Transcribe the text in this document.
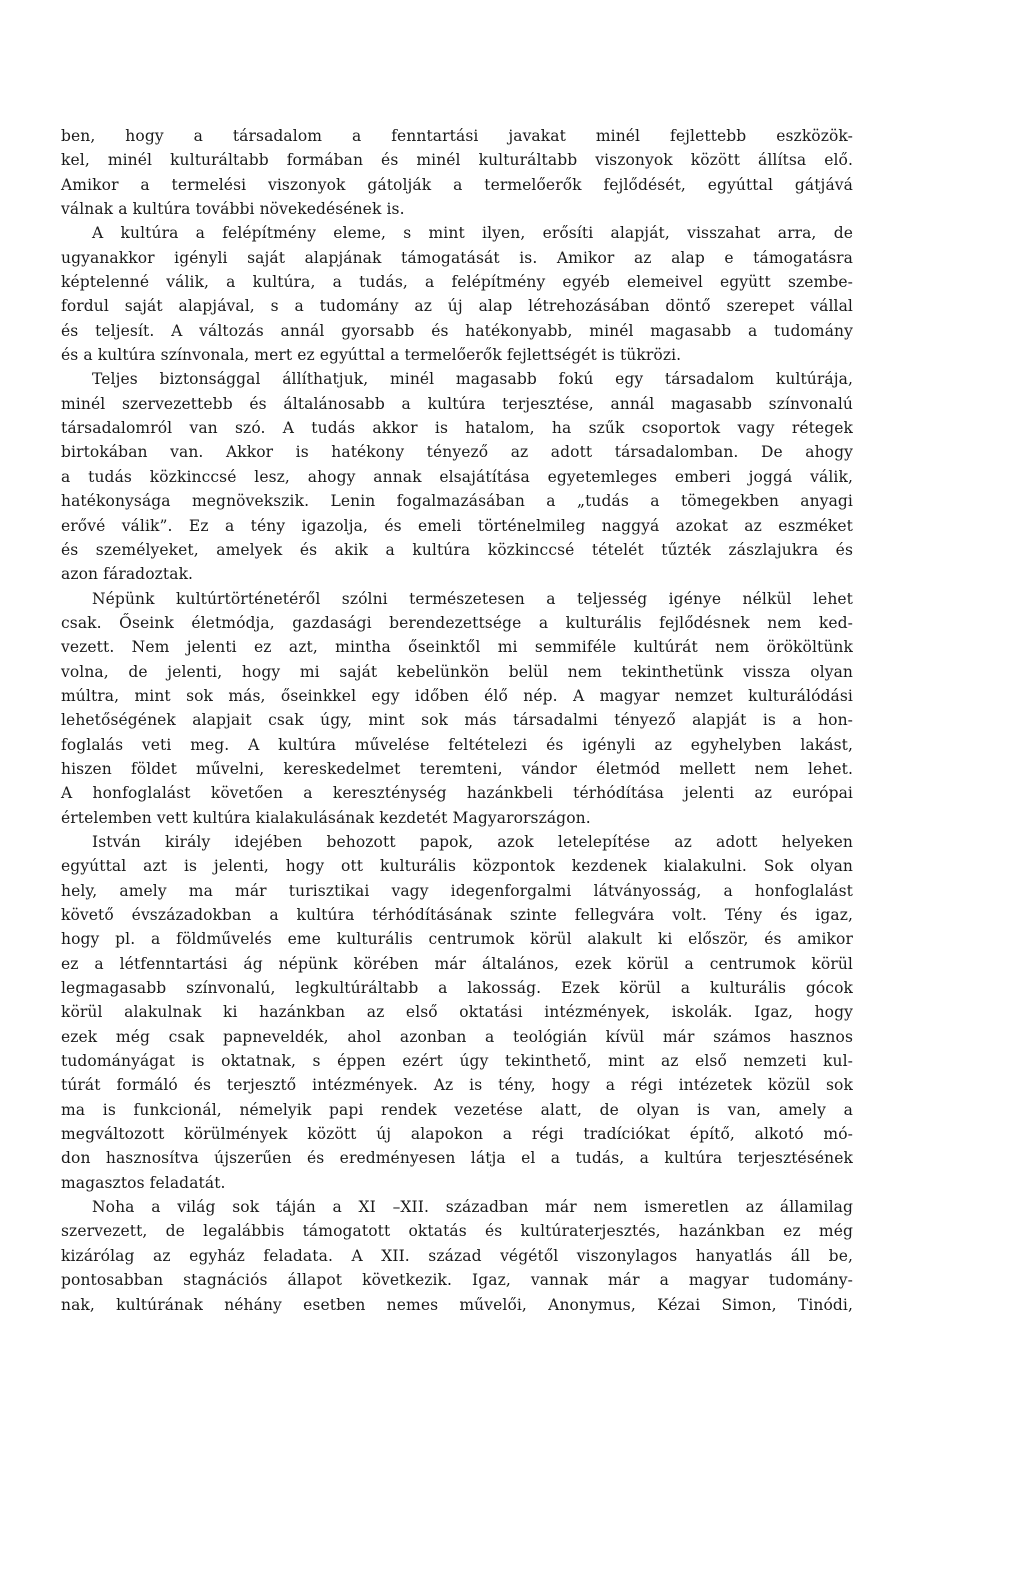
ben, hogy a társadalom a fenntartási javakat minél fejlettebb eszközök-
kel, minél kulturáltabb formában és minél kulturáltabb viszonyok között állítsa elő.
Amikor a termelési viszonyok gátolják a termelőerők fejlődését, egyúttal gátjává
válnak a kultúra további növekedésének is.
A kultúra a felépítmény eleme, s mint ilyen, erősíti alapját, visszahat arra, de
ugyanakkor igényli saját alapjának támogatását is. Amikor az alap e támogatásra
képtelenné válik, a kultúra, a tudás, a felépítmény egyéb elemeivel együtt szembe-
fordul saját alapjával, s a tudomány az új alap létrehozásában döntő szerepet vállal
és teljesít. A változás annál gyorsabb és hatékonyabb, minél magasabb a tudomány
és a kultúra színvonala, mert ez egyúttal a termelőerők fejlettségét is tükrözi.
Teljes biztonsággal állíthatjuk, minél magasabb fokú egy társadalom kultúrája,
minél szervezettebb és általánosabb a kultúra terjesztése, annál magasabb színvonalú
társadalomról van szó. A tudás akkor is hatalom, ha szűk csoportok vagy rétegek
birtokában van. Akkor is hatékony tényező az adott társadalomban. De ahogy
a tudás közkinccsé lesz, ahogy annak elsajátítása egyetemleges emberi joggá válik,
hatékonysága megnövekszik. Lenin fogalmazásában a „tudás a tömegekben anyagi
erővé válik”. Ez a tény igazolja, és emeli történelmileg naggyá azokat az eszméket
és személyeket, amelyek és akik a kultúra közkinccsé tételét tűzték zászlajukra és
azon fáradoztak.
Népünk kultúrtörténetéről szólni természetesen a teljesség igénye nélkül lehet
csak. Őseink életmódja, gazdasági berendezettsége a kulturális fejlődésnek nem ked-
vezett. Nem jelenti ez azt, mintha őseinktől mi semmiféle kultúrát nem örököltünk
volna, de jelenti, hogy mi saját kebelünkön belül nem tekinthetünk vissza olyan
múltra, mint sok más, őseinkkel egy időben élő nép. A magyar nemzet kulturálódási
lehetőségének alapjait csak úgy, mint sok más társadalmi tényező alapját is a hon-
foglalás veti meg. A kultúra művelése feltételezi és igényli az egyhelyben lakást,
hiszen földet művelni, kereskedelmet teremteni, vándor életmód mellett nem lehet.
A honfoglalást követően a kereszténység hazánkbeli térhódítása jelenti az európai
értelemben vett kultúra kialakulásának kezdetét Magyarországon.
István király idejében behozott papok, azok letelepítése az adott helyeken
egyúttal azt is jelenti, hogy ott kulturális központok kezdenek kialakulni. Sok olyan
hely, amely ma már turisztikai vagy idegenforgalmi látványosság, a honfoglalást
követő évszázadokban a kultúra térhódításának szinte fellegvára volt. Tény és igaz,
hogy pl. a földművelés eme kulturális centrumok körül alakult ki először, és amikor
ez a létfenntartási ág népünk körében már általános, ezek körül a centrumok körül
legmagasabb színvonalú, legkultúráltabb a lakosság. Ezek körül a kulturális gócok
körül alakulnak ki hazánkban az első oktatási intézmények, iskolák. Igaz, hogy
ezek még csak papneveldék, ahol azonban a teológián kívül már számos hasznos
tudományágat is oktatnak, s éppen ezért úgy tekinthető, mint az első nemzeti kul-
túrát formáló és terjesztő intézmények. Az is tény, hogy a régi intézetek közül sok
ma is funkcionál, némelyik papi rendek vezetése alatt, de olyan is van, amely a
megváltozott körülmények között új alapokon a régi tradíciókat építő, alkotó mó-
don hasznosítva újszerűen és eredményesen látja el a tudás, a kultúra terjesztésének
magasztos feladatát.
Noha a világ sok táján a XI –XII. században már nem ismeretlen az államilag
szervezett, de legalábbis támogatott oktatás és kultúraterjesztés, hazánkban ez még
kizárólag az egyház feladata. A XII. század végétől viszonylagos hanyatlás áll be,
pontosabban stagnációs állapot következik. Igaz, vannak már a magyar tudomány-
nak, kultúrának néhány esetben nemes művelői, Anonymus, Kézai Simon, Tinódi,
